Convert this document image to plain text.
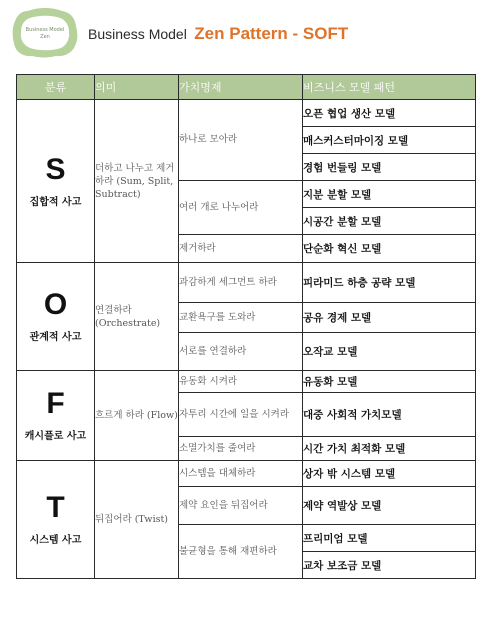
Business Model
Zen	Business Model Zen Pattern - SOFT
분류	의미	가치명제	비즈니스 모델 패턴

S
집합적 사고	더하고 나누고 제거하라 (Sum, Split, Subtract)	하나로 모아라	오픈 협업 생산 모델
			매스커스터마이징 모델
			경험 번들링 모델
		여러 개로 나누어라	지분 분할 모델
			시공간 분할 모델
		제거하라	단순화 혁신 모델

O
관계적 사고	연결하라 (Orchestrate)	과감하게 세그먼트 하라	피라미드 하층 공략 모델
		교환욕구를 도와라	공유 경제 모델
		서로를 연결하라	오작교 모델

F
캐시플로 사고	흐르게 하라 (Flow)	유동화 시켜라	유동화 모델
		자투리 시간에 일을 시켜라	대중 사회적 가치모델
		소멸가치를 줄여라	시간 가치 최적화 모델

T
시스템 사고	뒤집어라 (Twist)	시스템을 대체하라	상자 밖 시스템 모델
		제약 요인을 뒤집어라	제약 역발상 모델
		불균형을 통해 재편하라	프리미엄 모델
			교차 보조금 모델
